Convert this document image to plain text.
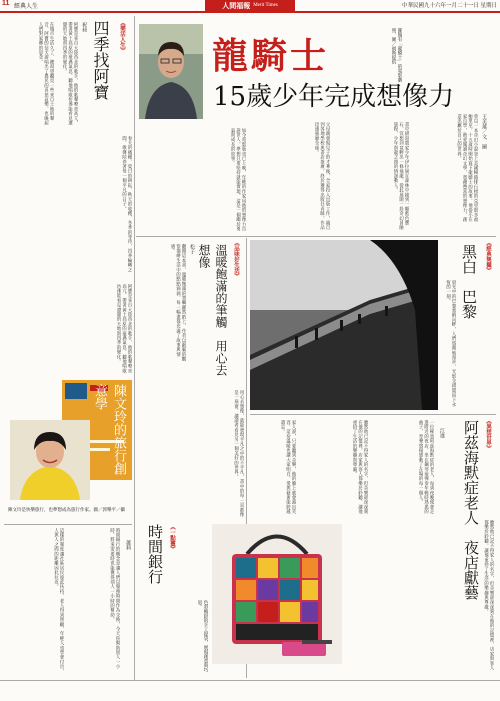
11 經典人生	人間福報 Merit Times	中華民國九十六年一月二十一日 星期日
龍騎士
15歲少年完成想像力
羅獨有「龍騎士」的電影劇照，圖／福斯提供
王美蓮／文．圖
曾以一本奇幻小說登上美國暢銷排行榜的克里斯多福鮑里尼，十五歲時開始寫下龍騎士的故事，他從小在家自學，熱愛閱讀奇幻文學，憑藉豐富的想像力，創造出屬於自己的世界。
書中描寫農家少年伊拉岡在森林中撿到一顆藍色寶石，沒想到竟孵出一條飛龍，從此展開一段奇幻冒險旅程，少年與龍之間的情誼動人。
父母親發現兒子的才華後，全家投入出版工作，親自到各地學校與書店推廣，終於獲得出版社青睞，作品迅速風靡全球。
如今電影版也已上映，年輕的作家用他的想像力告訴世人，夢想只要堅持就能實現，這是一個關於勇氣與成長的故事。
《樂活人生》
四季找阿寶
祝昶
阿寶是來自大陸西北的歌手，他的歌聲嘹亮高亢，帶著黃土高原的豪邁氣息，聽他唱歌彷彿能看見遼闊的天地與四季的變化。
在城市生活久了，總渴望聽見一些來自土地的聲音，阿寶的信天游唱出了農民的喜怒哀樂，也喚起人們對家鄉的思念。
春天的播種、夏日的耕耘、秋天的收穫、冬季的等待，四季輪轉之間，歌聲陪伴著每一個平凡的日子。
阿寶是來自大陸西北的歌手，他的歌聲嘹亮高亢，帶著黃土高原的豪邁氣息，聽他唱歌彷彿能看見遼闊的天地與四季的變化。
陳文玲的旅行創意學
陳文玲是快樂旅行，也夢想成為旅行作家。圖／郭樂平／攝
《一點靈》
時間銀行
蕭莉
時間銀行的概念是讓人們以服務時間作為交換，今天你幫助別人一小時，將來需要時也能獲得別人一小時的幫助。
這樣的制度讓社區居民彼此扶持，老人得到照顧，年輕人也學會付出，人與人之間的距離因此拉近。
《品味好生活》
溫暖飽滿的筆觸　用心去想像
松子
翻開這本書，溫暖飽滿的筆觸躍然紙上，作者以細膩的觀察描繪生活中的點點滴滴，每一幅畫都充滿了故事與情感。
用心去想像，就能發現平凡之中的不平凡，書中的每一頁都像是一扇窗，讓讀者看見另一個美好的世界。
《經典雋攝》
黑白　巴黎
晨光中的巴黎塞納河畔，人們悠閒地漫步，光影交錯間留下永恆的一刻。
《異想世界》
阿茲海默症老人　夜店獻藝
江進
一位罹患阿茲海默症的老人，每到夜晚便會走進附近的夜店，坐在鋼琴前彈奏年輕時熟悉的曲子，琴聲悠揚感動了在場的每一個人。
雖然他已記不得家人的名字，但音樂卻深深刻在他的記憶裡，店家與客人都樂於聆聽，讓他重拾了生活的樂趣與尊嚴。
家人說，只要聽到音樂，他的臉上就會露出笑容，這份溫暖也讓大家明白，愛與藝術能跨越遺忘。
雖然他已記不得家人的名字，但音樂卻深深刻在他的記憶裡，店家與客人都樂於聆聽，讓他重拾了生活的樂趣與尊嚴。
色彩繽紛的手工提袋，展現創意與巧思。
